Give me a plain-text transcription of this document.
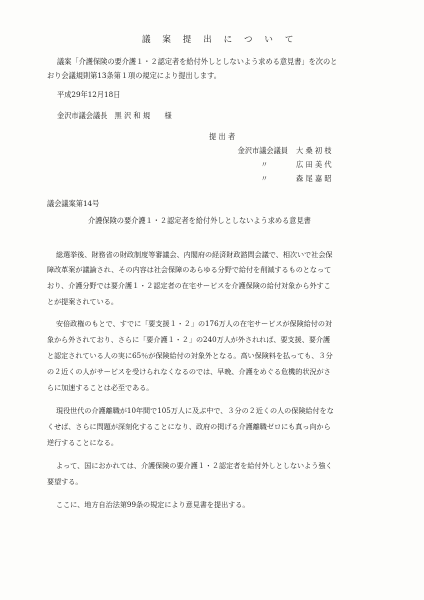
議 案 提 出 に つ い て
議案「介護保険の要介護１・２認定者を給付外しとしないよう求める意見書」を次のと
おり会議規則第13条第１項の規定により提出します。
平成29年12月18日
金沢市議会議長　黒 沢 和 規　　様
提 出 者
金沢市議会議員 大 桑 初 枝
〃	広 田 美 代
〃	森 尾 嘉 昭
議会議案第14号
介護保険の要介護１・２認定者を給付外しとしないよう求める意見書
総選挙後、財務省の財政制度等審議会、内閣府の経済財政諮問会議で、相次いで社会保
障改革案が議論され、その内容は社会保障のあらゆる分野で給付を削減するものとなって
おり、介護分野では要介護１・２認定者の在宅サービスを介護保険の給付対象から外すこ
とが提案されている。
安倍政権のもとで、すでに「要支援１・２」の176万人の在宅サービスが保険給付の対
象から外されており、さらに「要介護１・２」の240万人が外されれば、要支援、要介護
と認定されている人の実に65％が保険給付の対象外となる。高い保険料を払っても、３分
の２近くの人がサービスを受けられなくなるのでは、早晩、介護をめぐる危機的状況がさ
らに加速することは必至である。
現役世代の介護離職が10年間で105万人に及ぶ中で、３分の２近くの人の保険給付をな
くせば、さらに問題が深刻化することになり、政府の掲げる介護離職ゼロにも真っ向から
逆行することになる。
よって、国におかれては、介護保険の要介護１・２認定者を給付外しとしないよう強く
要望する。
ここに、地方自治法第99条の規定により意見書を提出する。
